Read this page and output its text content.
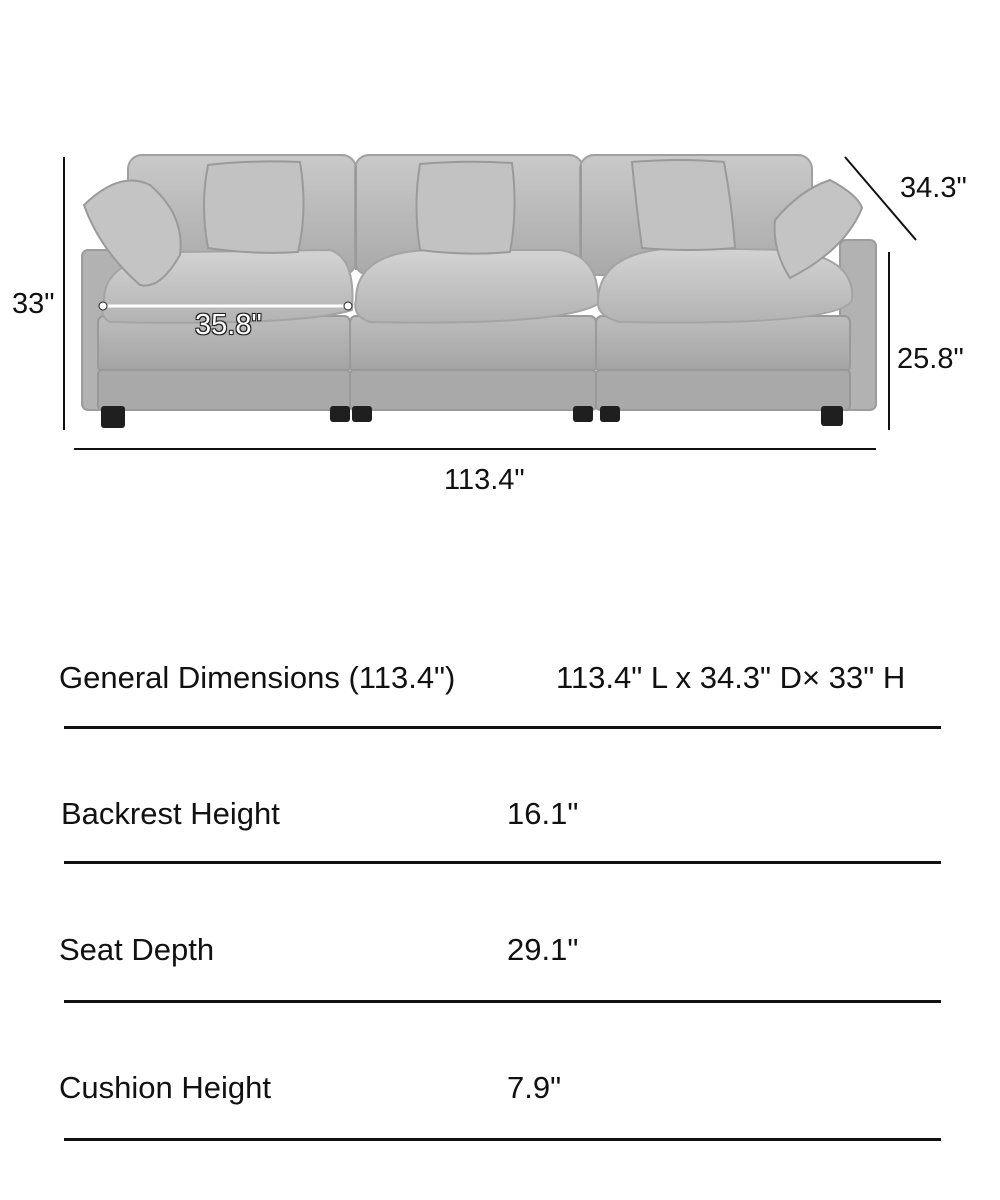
33"
34.3"
25.8"
113.4"
35.8"
General Dimensions (113.4")	113.4" L x 34.3" D× 33" H
Backrest Height	16.1"
Seat Depth	29.1"
Cushion Height	7.9"
